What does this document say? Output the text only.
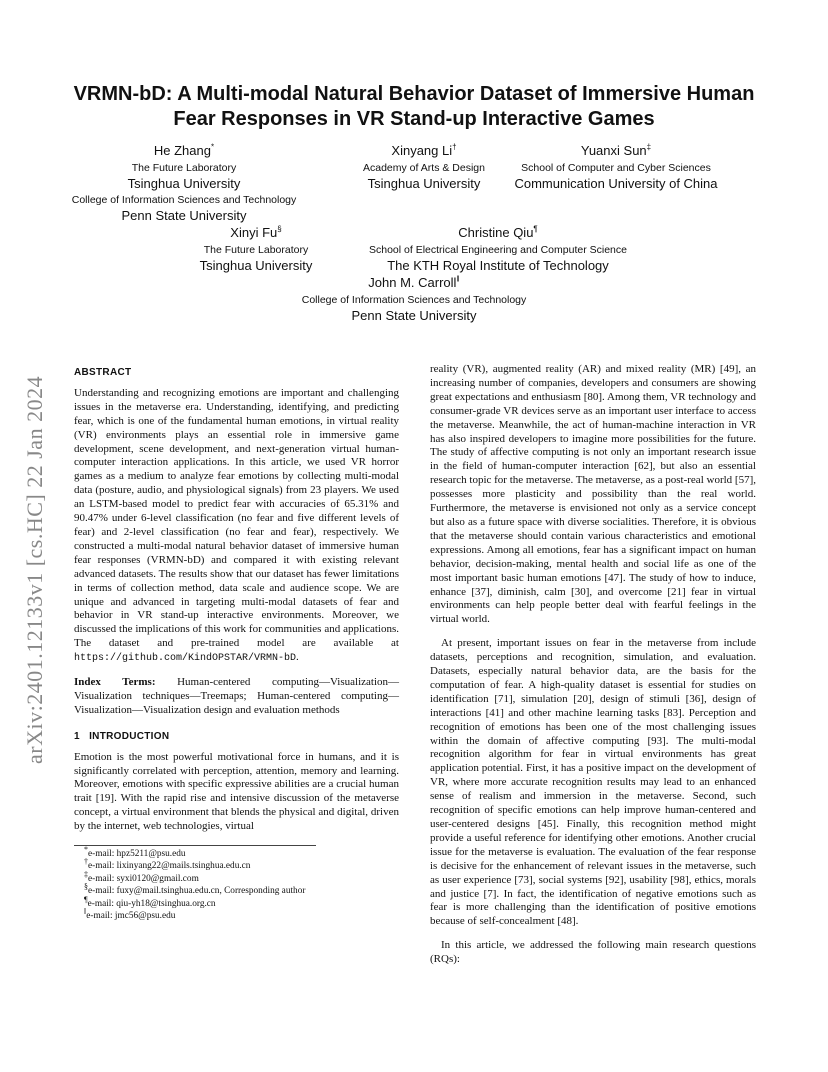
arXiv:2401.12133v1 [cs.HC] 22 Jan 2024
VRMN-bD: A Multi-modal Natural Behavior Dataset of Immersive Human
Fear Responses in VR Stand-up Interactive Games
He Zhang*
The Future Laboratory
Tsinghua University
College of Information Sciences and Technology
Penn State University
Xinyang Li†
Academy of Arts & Design
Tsinghua University
Yuanxi Sun‡
School of Computer and Cyber Sciences
Communication University of China
Xinyi Fu§
The Future Laboratory
Tsinghua University
Christine Qiu¶
School of Electrical Engineering and Computer Science
The KTH Royal Institute of Technology
John M. Carroll‖
College of Information Sciences and Technology
Penn State University
ABSTRACT

Understanding and recognizing emotions are important and challenging issues in the metaverse era. Understanding, identifying, and predicting fear, which is one of the fundamental human emotions, in virtual reality (VR) environments plays an essential role in immersive game development, scene development, and next-generation virtual human-computer interaction applications. In this article, we used VR horror games as a medium to analyze fear emotions by collecting multi-modal data (posture, audio, and physiological signals) from 23 players. We used an LSTM-based model to predict fear with accuracies of 65.31% and 90.47% under 6-level classification (no fear and five different levels of fear) and 2-level classification (no fear and fear), respectively. We constructed a multi-modal natural behavior dataset of immersive human fear responses (VRMN-bD) and compared it with existing relevant advanced datasets. The results show that our dataset has fewer limitations in terms of collection method, data scale and audience scope. We are unique and advanced in targeting multi-modal datasets of fear and behavior in VR stand-up interactive environments. Moreover, we discussed the implications of this work for communities and applications. The dataset and pre-trained model are available at https://github.com/KindOPSTAR/VRMN-bD.

Index Terms: Human-centered computing—Visualization—Visualization techniques—Treemaps; Human-centered computing—Visualization—Visualization design and evaluation methods

1   INTRODUCTION

Emotion is the most powerful motivational force in humans, and it is significantly correlated with perception, attention, memory and learning. Moreover, emotions with specific expressive abilities are a crucial human trait [19]. With the rapid rise and intensive discussion of the metaverse concept, a virtual environment that blends the physical and digital, driven by the internet, web technologies, virtual

*e-mail: hpz5211@psu.edu
†e-mail: lixinyang22@mails.tsinghua.edu.cn
‡e-mail: syxi0120@gmail.com
§e-mail: fuxy@mail.tsinghua.edu.cn, Corresponding author
¶e-mail: qiu-yh18@tsinghua.org.cn
‖e-mail: jmc56@psu.edu

reality (VR), augmented reality (AR) and mixed reality (MR) [49], an increasing number of companies, developers and consumers are showing great expectations and enthusiasm [80]. Among them, VR technology and consumer-grade VR devices serve as an important user interface to access the metaverse. Meanwhile, the act of human-machine interaction in VR has also inspired developers to imagine more possibilities for the future. The study of affective computing is not only an important research issue in the field of human-computer interaction [62], but also an essential research topic for the metaverse. The metaverse, as a post-real world [57], possesses more plasticity and possibility than the real world. Furthermore, the metaverse is envisioned not only as a service concept but also as a future space with diverse socialities. Therefore, it is obvious that the metaverse should contain various characteristics and emotional expressions. Among all emotions, fear has a significant impact on human behavior, decision-making, mental health and social life as one of the most important basic human emotions [47]. The study of how to induce, enhance [37], diminish, calm [30], and overcome [21] fear in virtual environments can help people better deal with fearful feelings in the virtual world.

At present, important issues on fear in the metaverse from include datasets, perceptions and recognition, simulation, and evaluation. Datasets, especially natural behavior data, are the basis for the computation of fear. A high-quality dataset is essential for studies on identification [71], simulation [20], design of stimuli [36], design of interactions [41] and other machine learning tasks [83]. Perception and recognition of emotions has been one of the most challenging issues within the domain of affective computing [93]. The multi-modal recognition algorithm for fear in virtual environments has great application potential. First, it has a positive impact on the development of VR, where more accurate recognition results may lead to an enhanced sense of realism and immersion in the metaverse. Second, such recognition of specific emotions can help improve human-centered and user-centered designs [45]. Finally, this recognition method might provide a useful reference for identifying other emotions. Another crucial issue for the metaverse is evaluation. The evaluation of the fear response is decisive for the enhancement of relevant issues in the metaverse, such as user experience [73], social systems [92], usability [98], ethics, morals and justice [7]. In fact, the identification of negative emotions such as fear is more challenging than the identification of positive emotions because of self-concealment [48].

In this article, we addressed the following main research questions (RQs):
